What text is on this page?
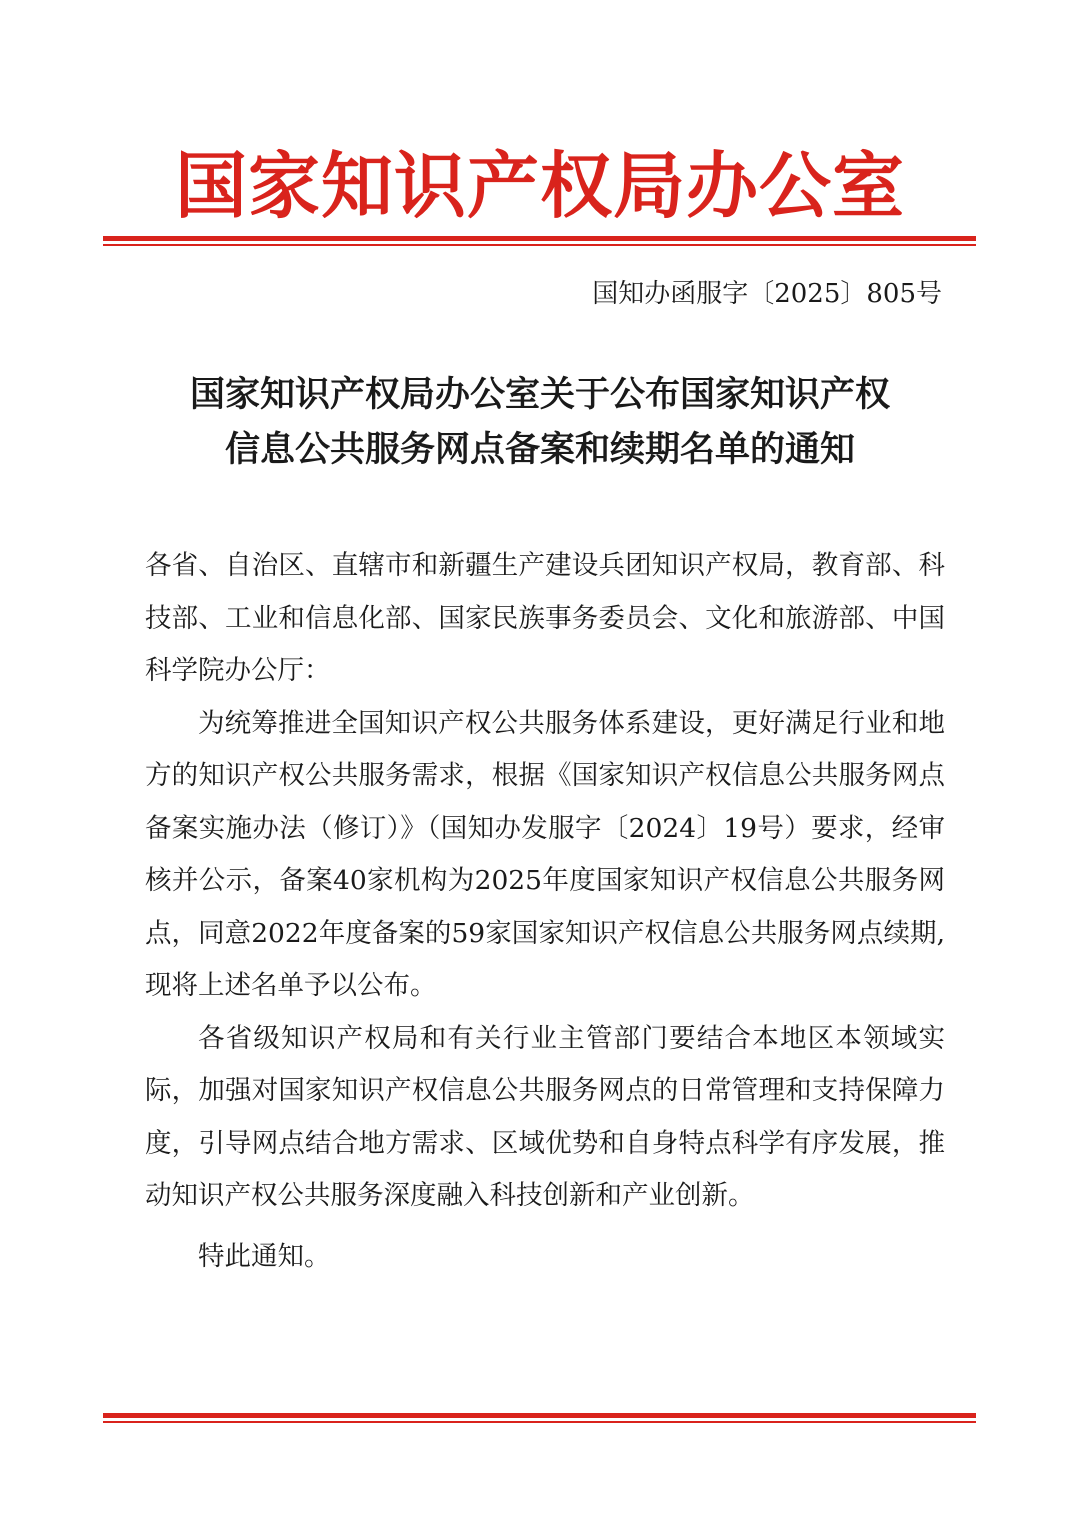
国家知识产权局办公室
国知办函服字〔2025〕805号
国家知识产权局办公室关于公布国家知识产权
信息公共服务网点备案和续期名单的通知

各省、自治区、直辖市和新疆生产建设兵团知识产权局，教育部、科技部、工业和信息化部、国家民族事务委员会、文化和旅游部、中国科学院办公厅：

为统筹推进全国知识产权公共服务体系建设，更好满足行业和地方的知识产权公共服务需求，根据《国家知识产权信息公共服务网点备案实施办法（修订）》（国知办发服字〔2024〕19号）要求，经审核并公示，备案40家机构为2025年度国家知识产权信息公共服务网点，同意2022年度备案的59家国家知识产权信息公共服务网点续期,现将上述名单予以公布。

各省级知识产权局和有关行业主管部门要结合本地区本领域实际，加强对国家知识产权信息公共服务网点的日常管理和支持保障力度，引导网点结合地方需求、区域优势和自身特点科学有序发展，推动知识产权公共服务深度融入科技创新和产业创新。

特此通知。
